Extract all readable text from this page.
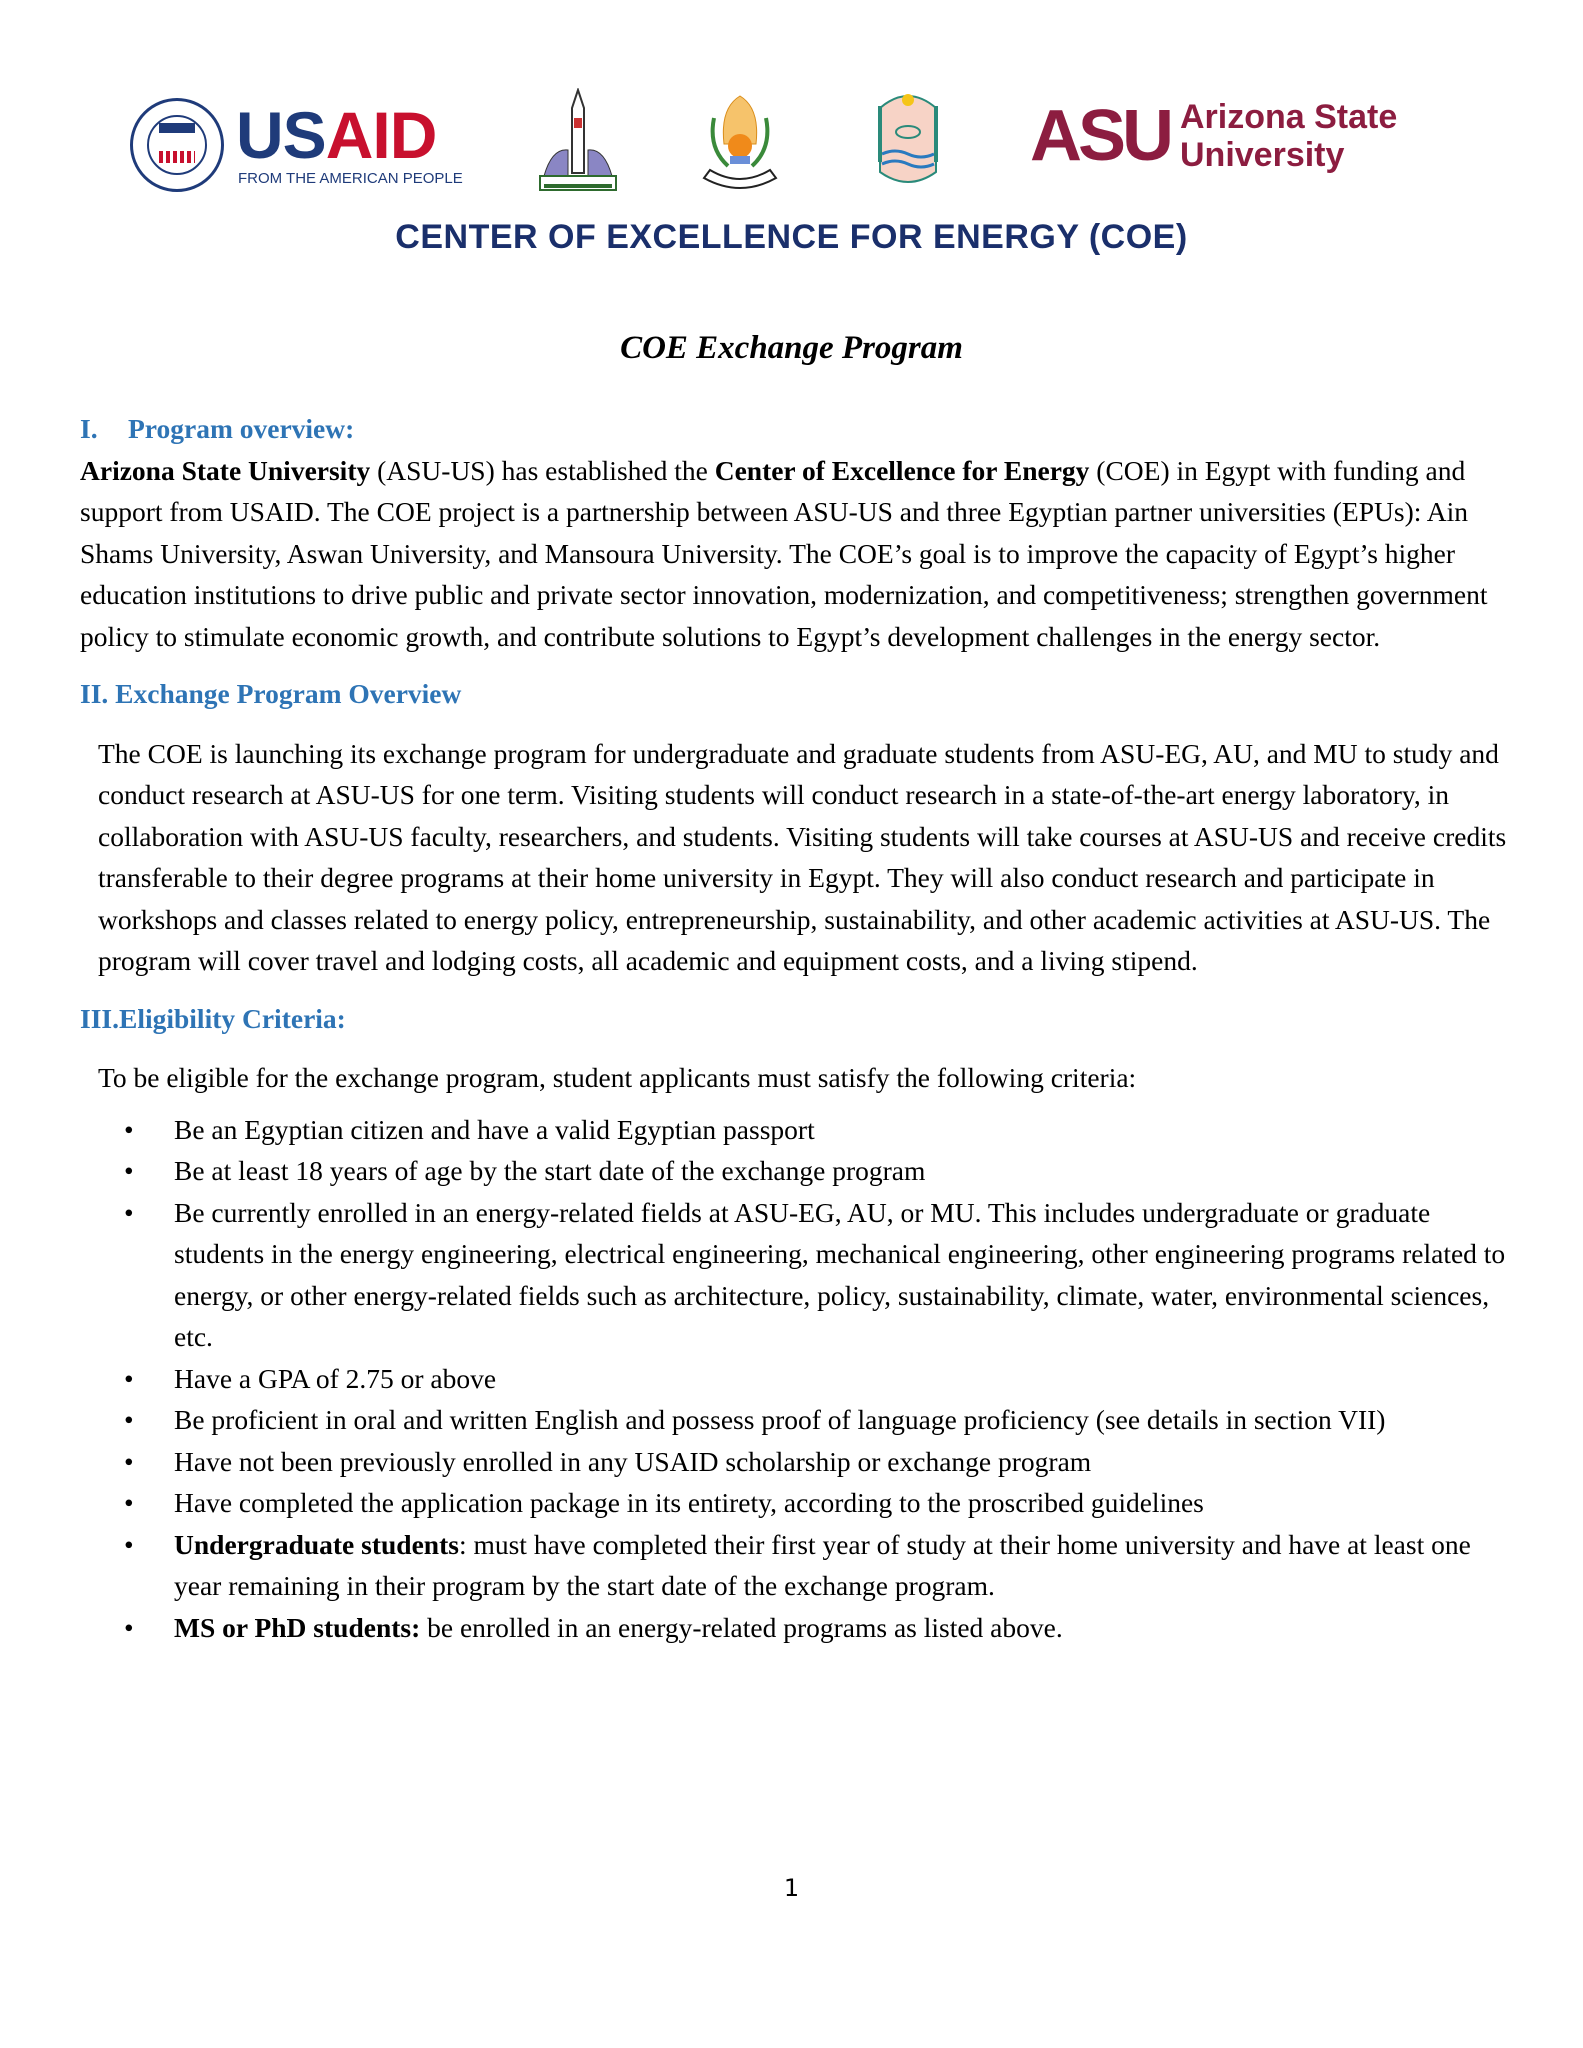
USAID
FROM THE AMERICAN PEOPLE
ASU Arizona State
University
CENTER OF EXCELLENCE FOR ENERGY (COE)
COE Exchange Program
I. Program overview:

Arizona State University (ASU-US) has established the Center of Excellence for Energy (COE) in Egypt with funding and support from USAID. The COE project is a partnership between ASU-US and three Egyptian partner universities (EPUs): Ain Shams University, Aswan University, and Mansoura University. The COE’s goal is to improve the capacity of Egypt’s higher education institutions to drive public and private sector innovation, modernization, and competitiveness; strengthen government policy to stimulate economic growth, and contribute solutions to Egypt’s development challenges in the energy sector.

II. Exchange Program Overview

The COE is launching its exchange program for undergraduate and graduate students from ASU-EG, AU, and MU to study and conduct research at ASU-US for one term. Visiting students will conduct research in a state-of-the-art energy laboratory, in collaboration with ASU-US faculty, researchers, and students. Visiting students will take courses at ASU-US and receive credits transferable to their degree programs at their home university in Egypt. They will also conduct research and participate in workshops and classes related to energy policy, entrepreneurship, sustainability, and other academic activities at ASU-US. The program will cover travel and lodging costs, all academic and equipment costs, and a living stipend.

III.Eligibility Criteria:

To be eligible for the exchange program, student applicants must satisfy the following criteria:

• Be an Egyptian citizen and have a valid Egyptian passport
• Be at least 18 years of age by the start date of the exchange program
• Be currently enrolled in an energy-related fields at ASU-EG, AU, or MU. This includes undergraduate or graduate students in the energy engineering, electrical engineering, mechanical engineering, other engineering programs related to energy, or other energy-related fields such as architecture, policy, sustainability, climate, water, environmental sciences, etc.
• Have a GPA of 2.75 or above
• Be proficient in oral and written English and possess proof of language proficiency (see details in section VII)
• Have not been previously enrolled in any USAID scholarship or exchange program
• Have completed the application package in its entirety, according to the proscribed guidelines
• Undergraduate students: must have completed their first year of study at their home university and have at least one year remaining in their program by the start date of the exchange program.
• MS or PhD students: be enrolled in an energy-related programs as listed above.
1
